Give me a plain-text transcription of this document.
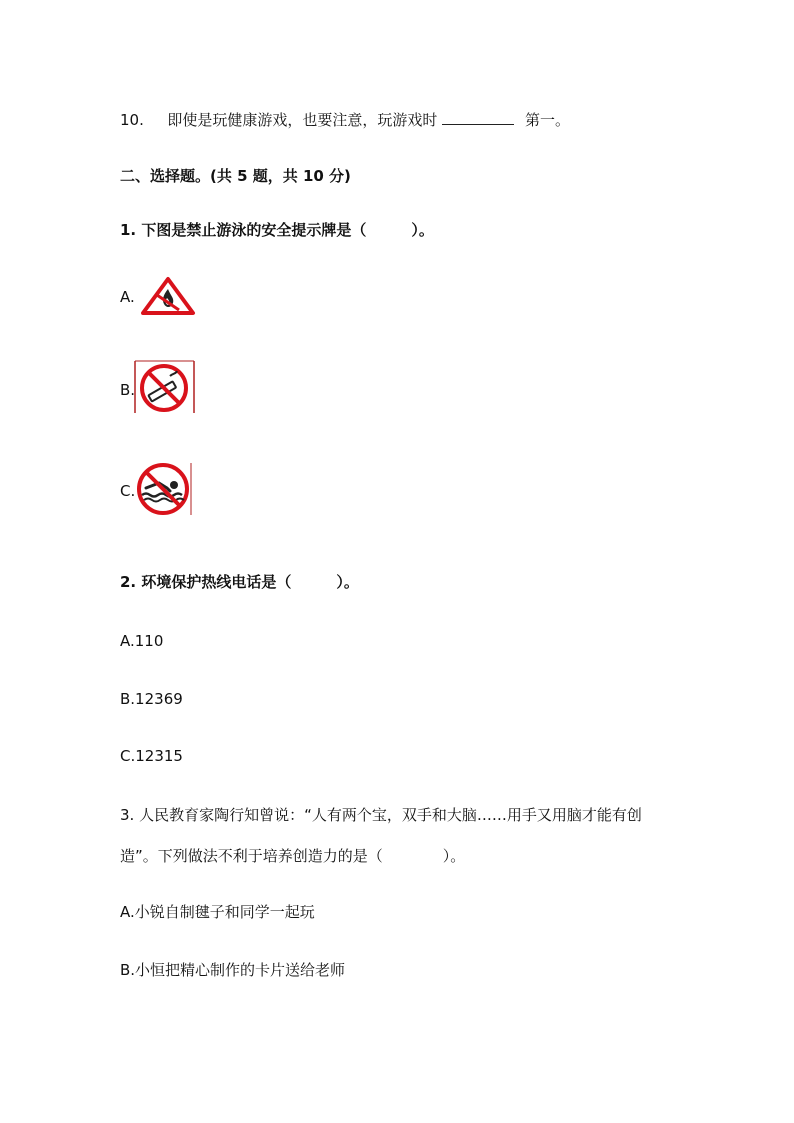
10. 即使是玩健康游戏，也要注意，玩游戏时	第一。
二、选择题。(共 5 题，共 10 分)
1. 下图是禁止游泳的安全提示牌是（　　　）。
A.
B.
C.
2. 环境保护热线电话是（　　　）。
A.110
B.12369
C.12315
3. 人民教育家陶行知曾说：“人有两个宝，双手和大脑……用手又用脑才能有创
造”。下列做法不利于培养创造力的是（　　　　）。
A.小锐自制毽子和同学一起玩
B.小恒把精心制作的卡片送给老师
